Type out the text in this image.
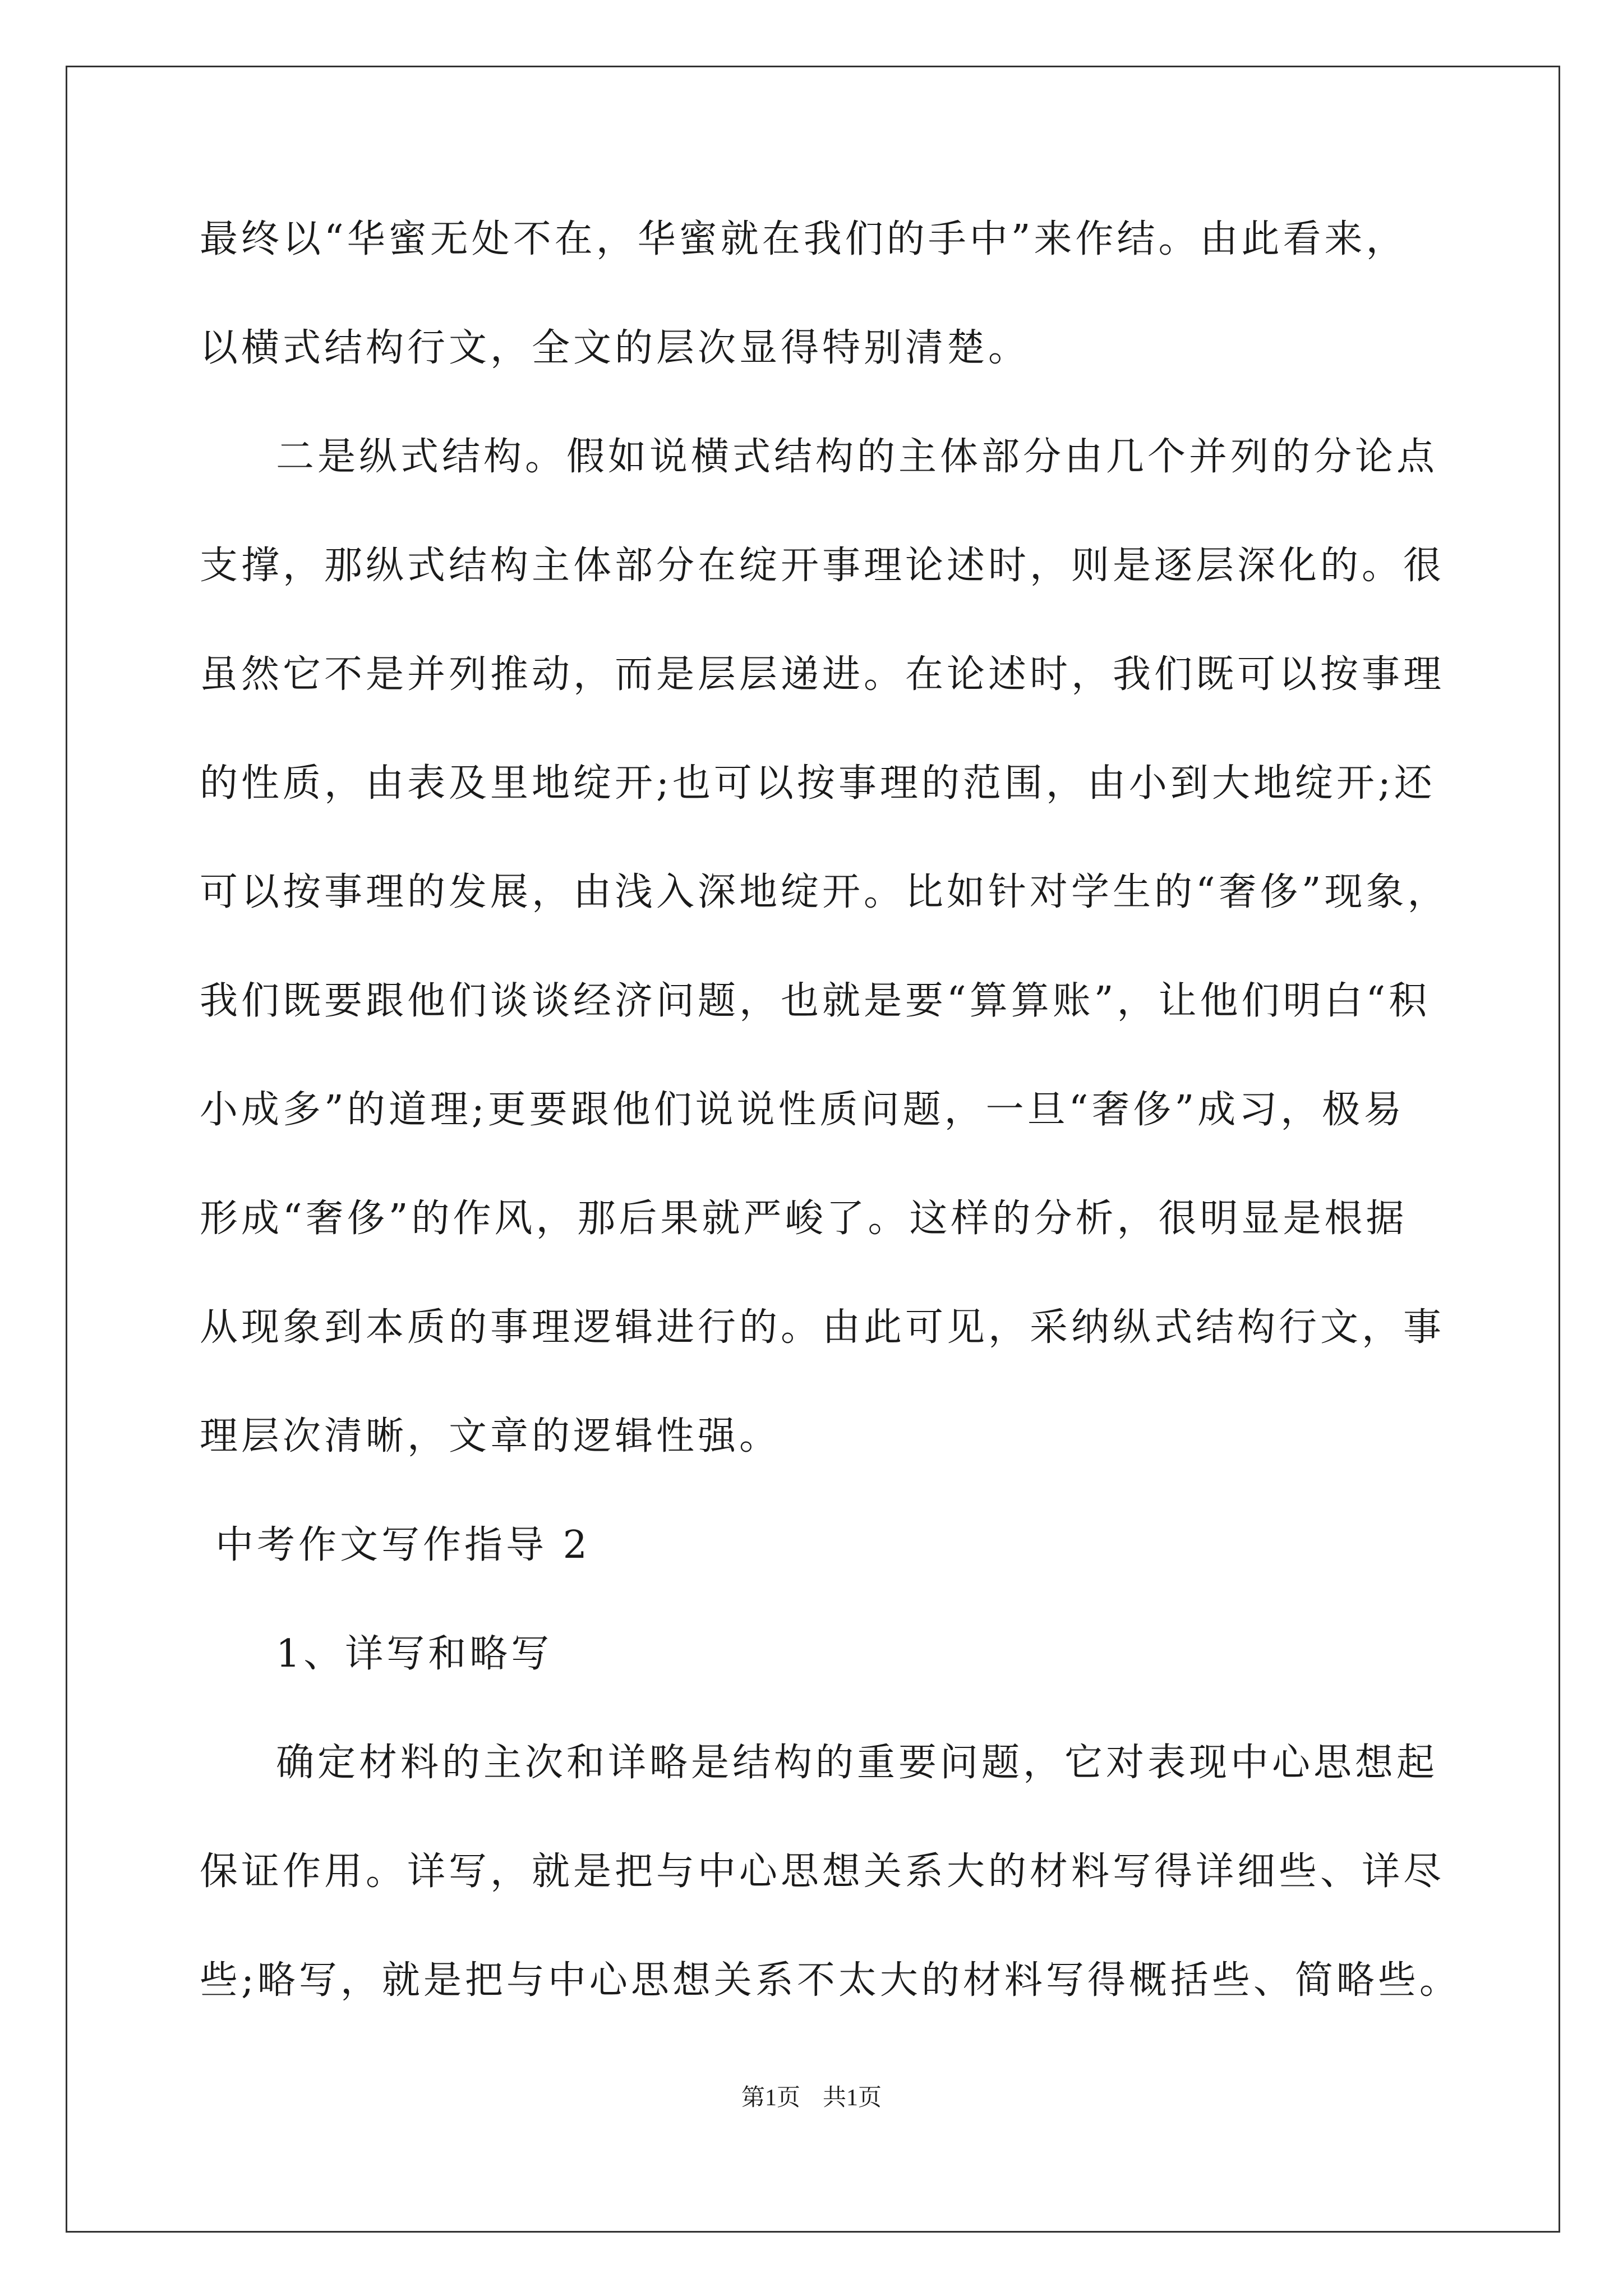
最终以“华蜜无处不在，华蜜就在我们的手中”来作结。由此看来，
以横式结构行文，全文的层次显得特别清楚。
二是纵式结构。假如说横式结构的主体部分由几个并列的分论点
支撑，那纵式结构主体部分在绽开事理论述时，则是逐层深化的。很
虽然它不是并列推动，而是层层递进。在论述时，我们既可以按事理
的性质，由表及里地绽开;也可以按事理的范围，由小到大地绽开;还
可以按事理的发展，由浅入深地绽开。比如针对学生的“奢侈”现象，
我们既要跟他们谈谈经济问题，也就是要“算算账”，让他们明白“积
小成多”的道理;更要跟他们说说性质问题，一旦“奢侈”成习，极易
形成“奢侈”的作风，那后果就严峻了。这样的分析，很明显是根据
从现象到本质的事理逻辑进行的。由此可见，采纳纵式结构行文，事
理层次清晰，文章的逻辑性强。
中考作文写作指导 2
1、详写和略写
确定材料的主次和详略是结构的重要问题，它对表现中心思想起
保证作用。详写，就是把与中心思想关系大的材料写得详细些、详尽
些;略写，就是把与中心思想关系不太大的材料写得概括些、简略些。
第1页 共1页
